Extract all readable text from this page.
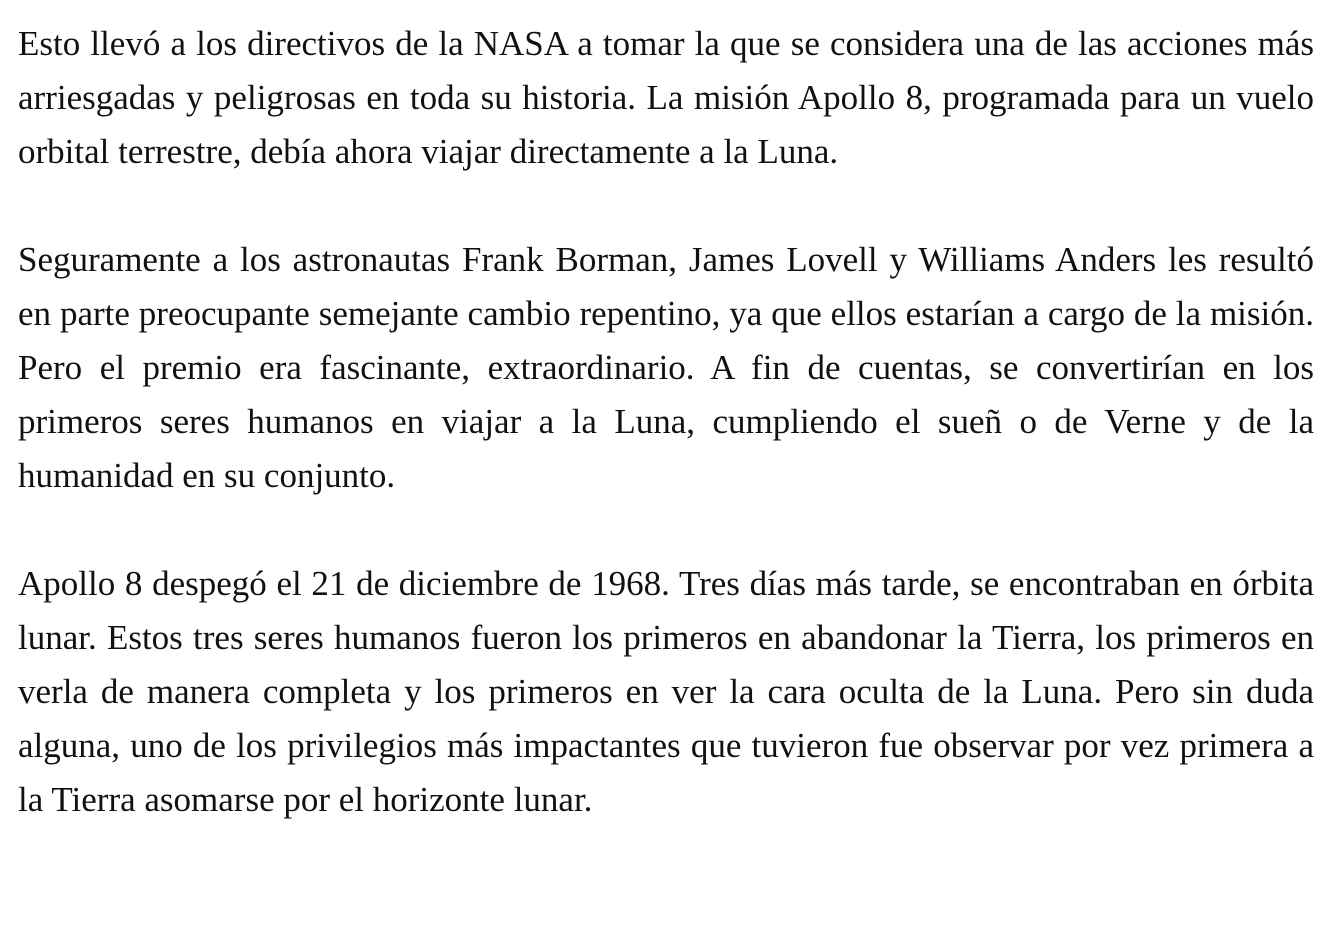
Esto llevó a los directivos de la NASA a tomar la que se considera una de las acciones más arriesgadas y peligrosas en toda su historia. La misión Apollo 8, programada para un vuelo orbital terrestre, debía ahora viajar directamente a la Luna.

Seguramente a los astronautas Frank Borman, James Lovell y Williams Anders les resultó en parte preocupante semejante cambio repentino, ya que ellos estarían a cargo de la misión. Pero el premio era fascinante, extraordinario. A fin de cuentas, se convertirían en los primeros seres humanos en viajar a la Luna, cumpliendo el sueñ o de Verne y de la humanidad en su conjunto.

Apollo 8 despegó el 21 de diciembre de 1968. Tres días más tarde, se encontraban en órbita lunar. Estos tres seres humanos fueron los primeros en abandonar la Tierra, los primeros en verla de manera completa y los primeros en ver la cara oculta de la Luna. Pero sin duda alguna, uno de los privilegios más impactantes que tuvieron fue observar por vez primera a la Tierra asomarse por el horizonte lunar.
